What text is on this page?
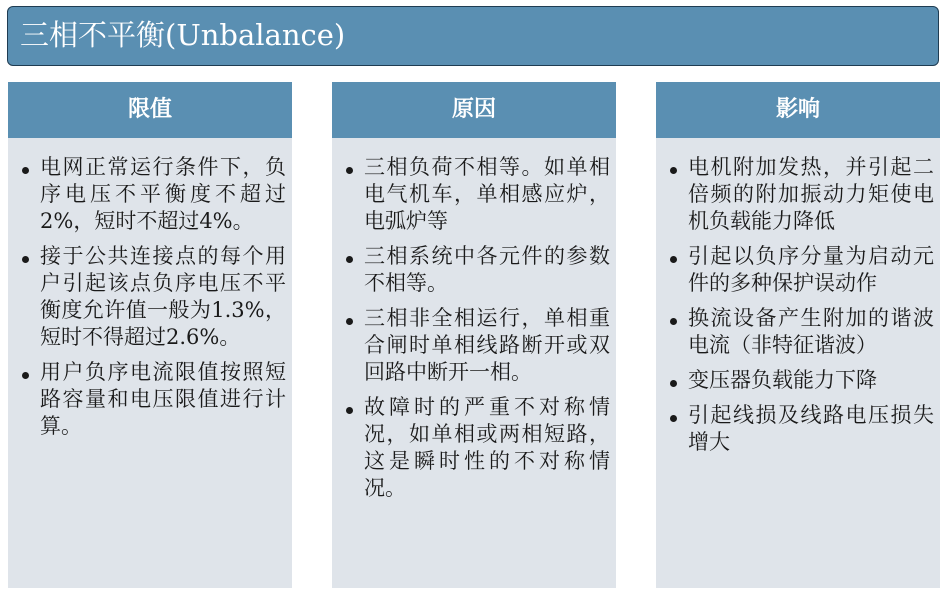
三相不平衡(Unbalance)
限值
电网正常运行条件下，负序电压不平衡度不超过2%，短时不超过4%。
接于公共连接点的每个用户引起该点负序电压不平衡度允许值一般为1.3%，短时不得超过2.6%。
用户负序电流限值按照短路容量和电压限值进行计算。
原因
三相负荷不相等。如单相电气机车，单相感应炉，电弧炉等
三相系统中各元件的参数不相等。
三相非全相运行，单相重合闸时单相线路断开或双回路中断开一相。
故障时的严重不对称情况，如单相或两相短路，这是瞬时性的不对称情况。
影响
电机附加发热，并引起二倍频的附加振动力矩使电机负载能力降低
引起以负序分量为启动元件的多种保护误动作
换流设备产生附加的谐波电流（非特征谐波）
变压器负载能力下降
引起线损及线路电压损失增大
